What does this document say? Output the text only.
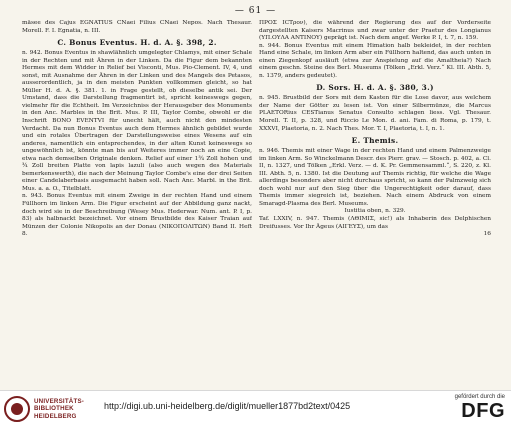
— 61 —

mäsee des Cajus EGNATIUS CNaei Filius CNaei Nepos. Nach Thesaur. Morell. F. I. Egnatia, n. III.

C. Bonus Eventus. H. d. A. §. 398, 2.

n. 942. Bonus Eventus in shawlähnlich umgelegter Chlamys, mit einer Schale in der Rechten und mit Ähren in der Linken. Da die Figur dem bekannten Hermes mit dem Widder in Relief bei Visconti, Mus. Pio-Clement. IV, 4, und sonst, mit Ausnahme der Ähren in der Linken und des Mangels des Petasos, ausserordentlich, ja in den meisten Punkten vollkommen gleicht, so hat Müller H. d. A. §. 381. 1. in Frage gestellt, ob dieselbe antik sei. Der Umstand, dass die Darstellung fragmentirt ist, spricht keineswegs gegen, vielmehr für die Echtheit. Im Verzeichniss der Herausgeber des Monuments in den Anc. Marbles in the Brit. Mus. P. III, Taylor Combe, obwohl er die Inschrift BONO EVENTVI für unecht hält, auch nicht den mindesten Verdacht. Da nun Bonus Eventus auch dem Hermes ähnlich gebildet wurde und ein rotales Übertragen der Darstellungsweise eines Wesens auf ein anderes, namentlich ein entsprechendes, in der alten Kunst keineswegs so ungewöhnlich ist, könnte man bis auf Weiteres immer noch an eine Copie, etwa nach demselben Originale denken. Relief auf einer 1¾ Zoll hohen und ¾ Zoll breiten Platte von lapis lazuli (also auch wegen des Materials bemerkenswerth), die nach der Meinung Taylor Combe's eine der drei Seiten einer Candelaberbasis ausgemacht haben soll. Nach Anc. Marbl. in the Brit. Mus. a. a. O., Titelblatt.

n. 943. Bonus Eventus mit einem Zweige in der rechten Hand und einem Füllhorn im linken Arm. Die Figur erscheint auf der Abbildung ganz nackt, doch wird sie in der Beschreibung (Wesey Mus. Hederwar. Num. ant. P. I, p. 83) als halbnackt bezeichnet. Vor einem Brustbilde des Kaiser Traian auf Münzen der Colonie Nikopolis an der Donau (ΝΙΚΟΠΟΛΙΤΩΝ) Band II. Heft 8.

ΠΡΟΣ ΙCTρον), die während der Regierung des auf der Vorderseite dargestellten Kaisers Macrinus und zwar unter der Praetur des Longianus (ΥΠ.ΟΥΛΑ ΑΝΤΙΝΟΥ) geprägt ist. Nach dem angef. Werke P. I, t. 7, n. 159.

n. 944. Bonus Eventus mit einem Himation halb bekleidet, in der rechten Hand eine Schale, im linken Arm aber ein Füllhorn haltend, das auch unten in einen Ziegenkopf ausläuft (etwa zur Anspielung auf die Amaltheia?) Nach einem geschn. Steine des Berl. Museums (Tölken „Erkl. Verz.“ Kl. III. Abth. 5, n. 1379, anders gedeutet).

D. Sors. H. d. A. §. 380, 3.)

n. 945. Brustbild der Sors mit dem Kasten für die Lose davor, aus welchem der Name der Götter zu lesen ist. Von einer Silbermünze, die Marcus PLAETORius CESTianus Senatus Consulto schlagen liess. Vgl. Thesaur. Morell. T. II, p. 328, und Riccio Le Mon. d. ani. Fam. di Roma, p. 179, t. XXXVI, Plaetoria, n. 2. Nach Thes. Mor. T. I, Plaetoria, t. I, n. 1.

E. Themis.

n. 946. Themis mit einer Wage in der rechten Hand und einem Palmenzweige im linken Arm. So Winckelmann Descr. des Pierr. grav. — Stosch. p. 402, a. Cl. II, n. 1327, und Tölken „Erkl. Verz. — d. K. Pr. Gemmensamml.“, S. 220, z. Kl. III. Abth. 5, n. 1380. Ist die Deutung auf Themis richtig, für welche die Wage allerdings besonders aber nicht durchaus spricht, so kann der Palmzweig sich doch wohl nur auf den Sieg über die Ungerechtigkeit oder darauf, dass Themis immer siegreich ist, beziehen. Nach einem Abdruck von einem Smaragd-Plasma des Berl. Museums.

Iustitia oben, n. 329.

Taf. LXXIV, n. 947. Themis (ΛΘΙΜΙΣ, sic!) als Inhaberin des Delphischen Dreifusses. Vor Ihr Ägeus (ΑΙΓΕΥΣ), um das

16

UNIVERSITÄTS-
BIBLIOTHEK
HEIDELBERG
http://digi.ub.uni-heidelberg.de/diglit/mueller1877bd2text/0425
gefördert durch die
DFG
